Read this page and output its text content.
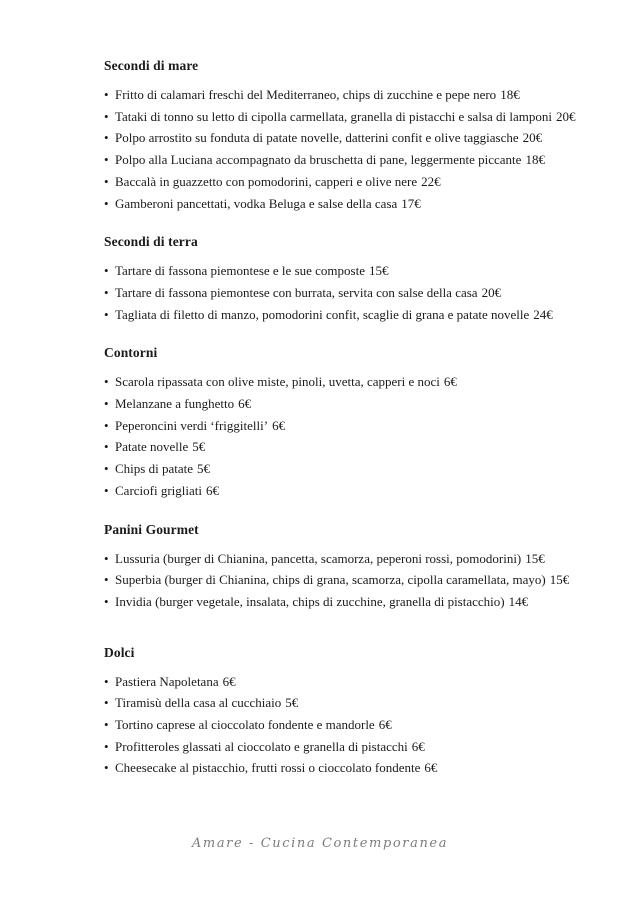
Secondi di mare
• Fritto di calamari freschi del Mediterraneo, chips di zucchine e pepe nero 18€
• Tataki di tonno su letto di cipolla carmellata, granella di pistacchi e salsa di lamponi 20€
• Polpo arrostito su fonduta di patate novelle, datterini confit e olive taggiasche 20€
• Polpo alla Luciana accompagnato da bruschetta di pane, leggermente piccante 18€
• Baccalà in guazzetto con pomodorini, capperi e olive nere 22€
• Gamberoni pancettati, vodka Beluga e salse della casa 17€
Secondi di terra
• Tartare di fassona piemontese e le sue composte 15€
• Tartare di fassona piemontese con burrata, servita con salse della casa 20€
• Tagliata di filetto di manzo, pomodorini confit, scaglie di grana e patate novelle 24€
Contorni
• Scarola ripassata con olive miste, pinoli, uvetta, capperi e noci 6€
• Melanzane a funghetto 6€
• Peperoncini verdi ‘friggitelli’ 6€
• Patate novelle 5€
• Chips di patate 5€
• Carciofi grigliati 6€
Panini Gourmet
• Lussuria (burger di Chianina, pancetta, scamorza, peperoni rossi, pomodorini) 15€
• Superbia (burger di Chianina, chips di grana, scamorza, cipolla caramellata, mayo) 15€
• Invidia (burger vegetale, insalata, chips di zucchine, granella di pistacchio) 14€
Dolci
• Pastiera Napoletana 6€
• Tiramisù della casa al cucchiaio 5€
• Tortino caprese al cioccolato fondente e mandorle 6€
• Profitteroles glassati al cioccolato e granella di pistacchi 6€
• Cheesecake al pistacchio, frutti rossi o cioccolato fondente 6€
Amare - Cucina Contemporanea
